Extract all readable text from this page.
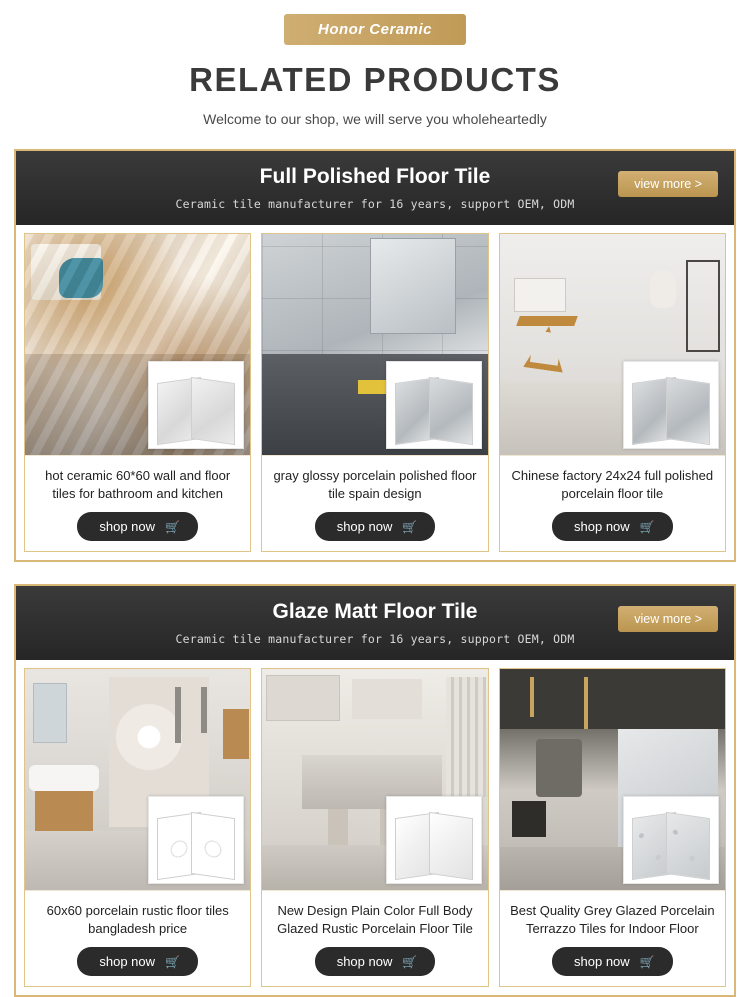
Honor Ceramic
RELATED PRODUCTS
Welcome to our shop, we will serve you wholeheartedly
Full Polished Floor Tile
Ceramic tile manufacturer for 16 years, support OEM, ODM
view more >
hot ceramic 60*60 wall and floor tiles for bathroom and kitchen
shop now 🛒
gray glossy porcelain polished floor tile spain design
shop now 🛒
Chinese factory 24x24 full polished porcelain floor tile
shop now 🛒
Glaze Matt Floor Tile
Ceramic tile manufacturer for 16 years, support OEM, ODM
view more >
60x60 porcelain rustic floor tiles bangladesh price
shop now 🛒
New Design Plain Color Full Body Glazed Rustic Porcelain Floor Tile
shop now 🛒
Best Quality Grey Glazed Porcelain Terrazzo Tiles for Indoor Floor
shop now 🛒
